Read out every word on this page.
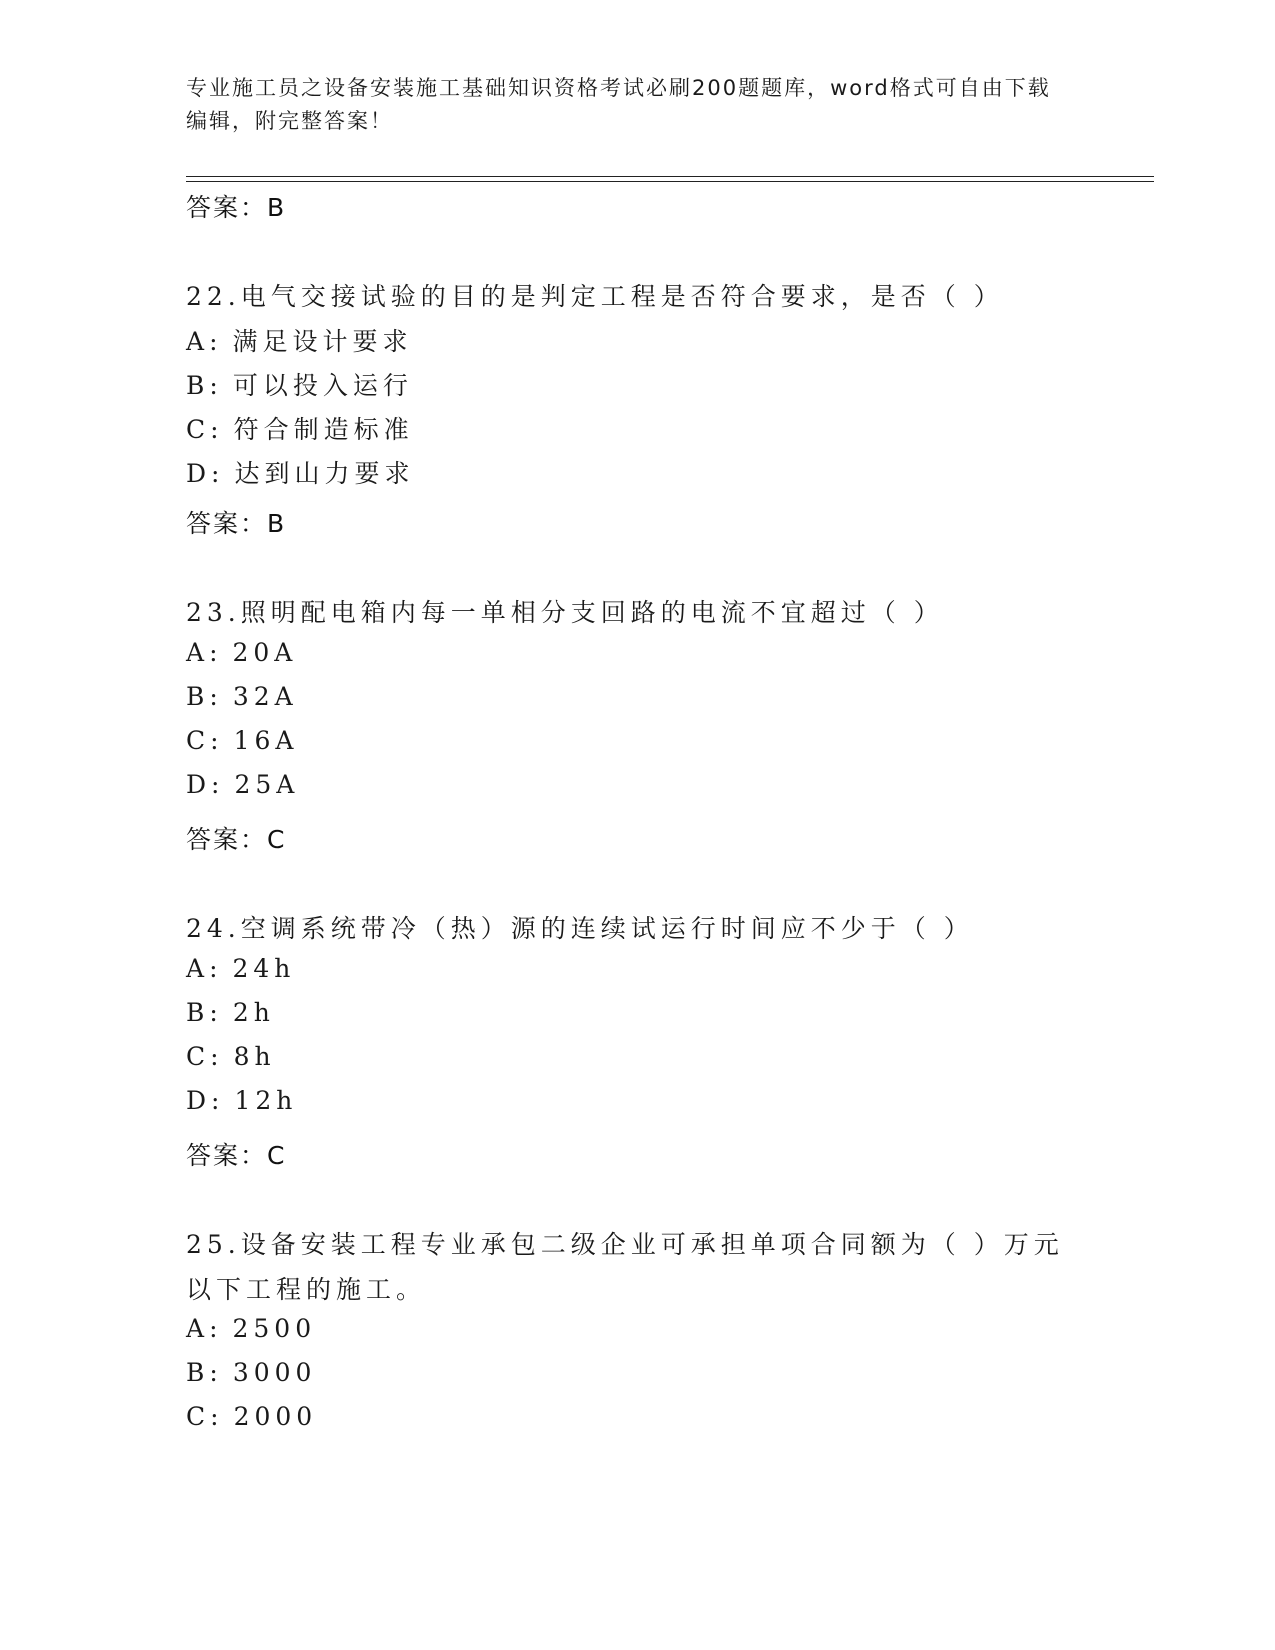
专业施工员之设备安装施工基础知识资格考试必刷200题题库，word格式可自由下载编辑，附完整答案！
答案：B
22.电气交接试验的目的是判定工程是否符合要求，是否（ ）
A: 满足设计要求
B: 可以投入运行
C: 符合制造标准
D: 达到山力要求
答案：B
23.照明配电箱内每一单相分支回路的电流不宜超过（ ）
A: 20A
B: 32A
C: 16A
D: 25A
答案：C
24.空调系统带冷（热）源的连续试运行时间应不少于（ ）
A: 24h
B: 2h
C: 8h
D: 12h
答案：C
25.设备安装工程专业承包二级企业可承担单项合同额为（ ）万元以下工程的施工。
A: 2500
B: 3000
C: 2000
